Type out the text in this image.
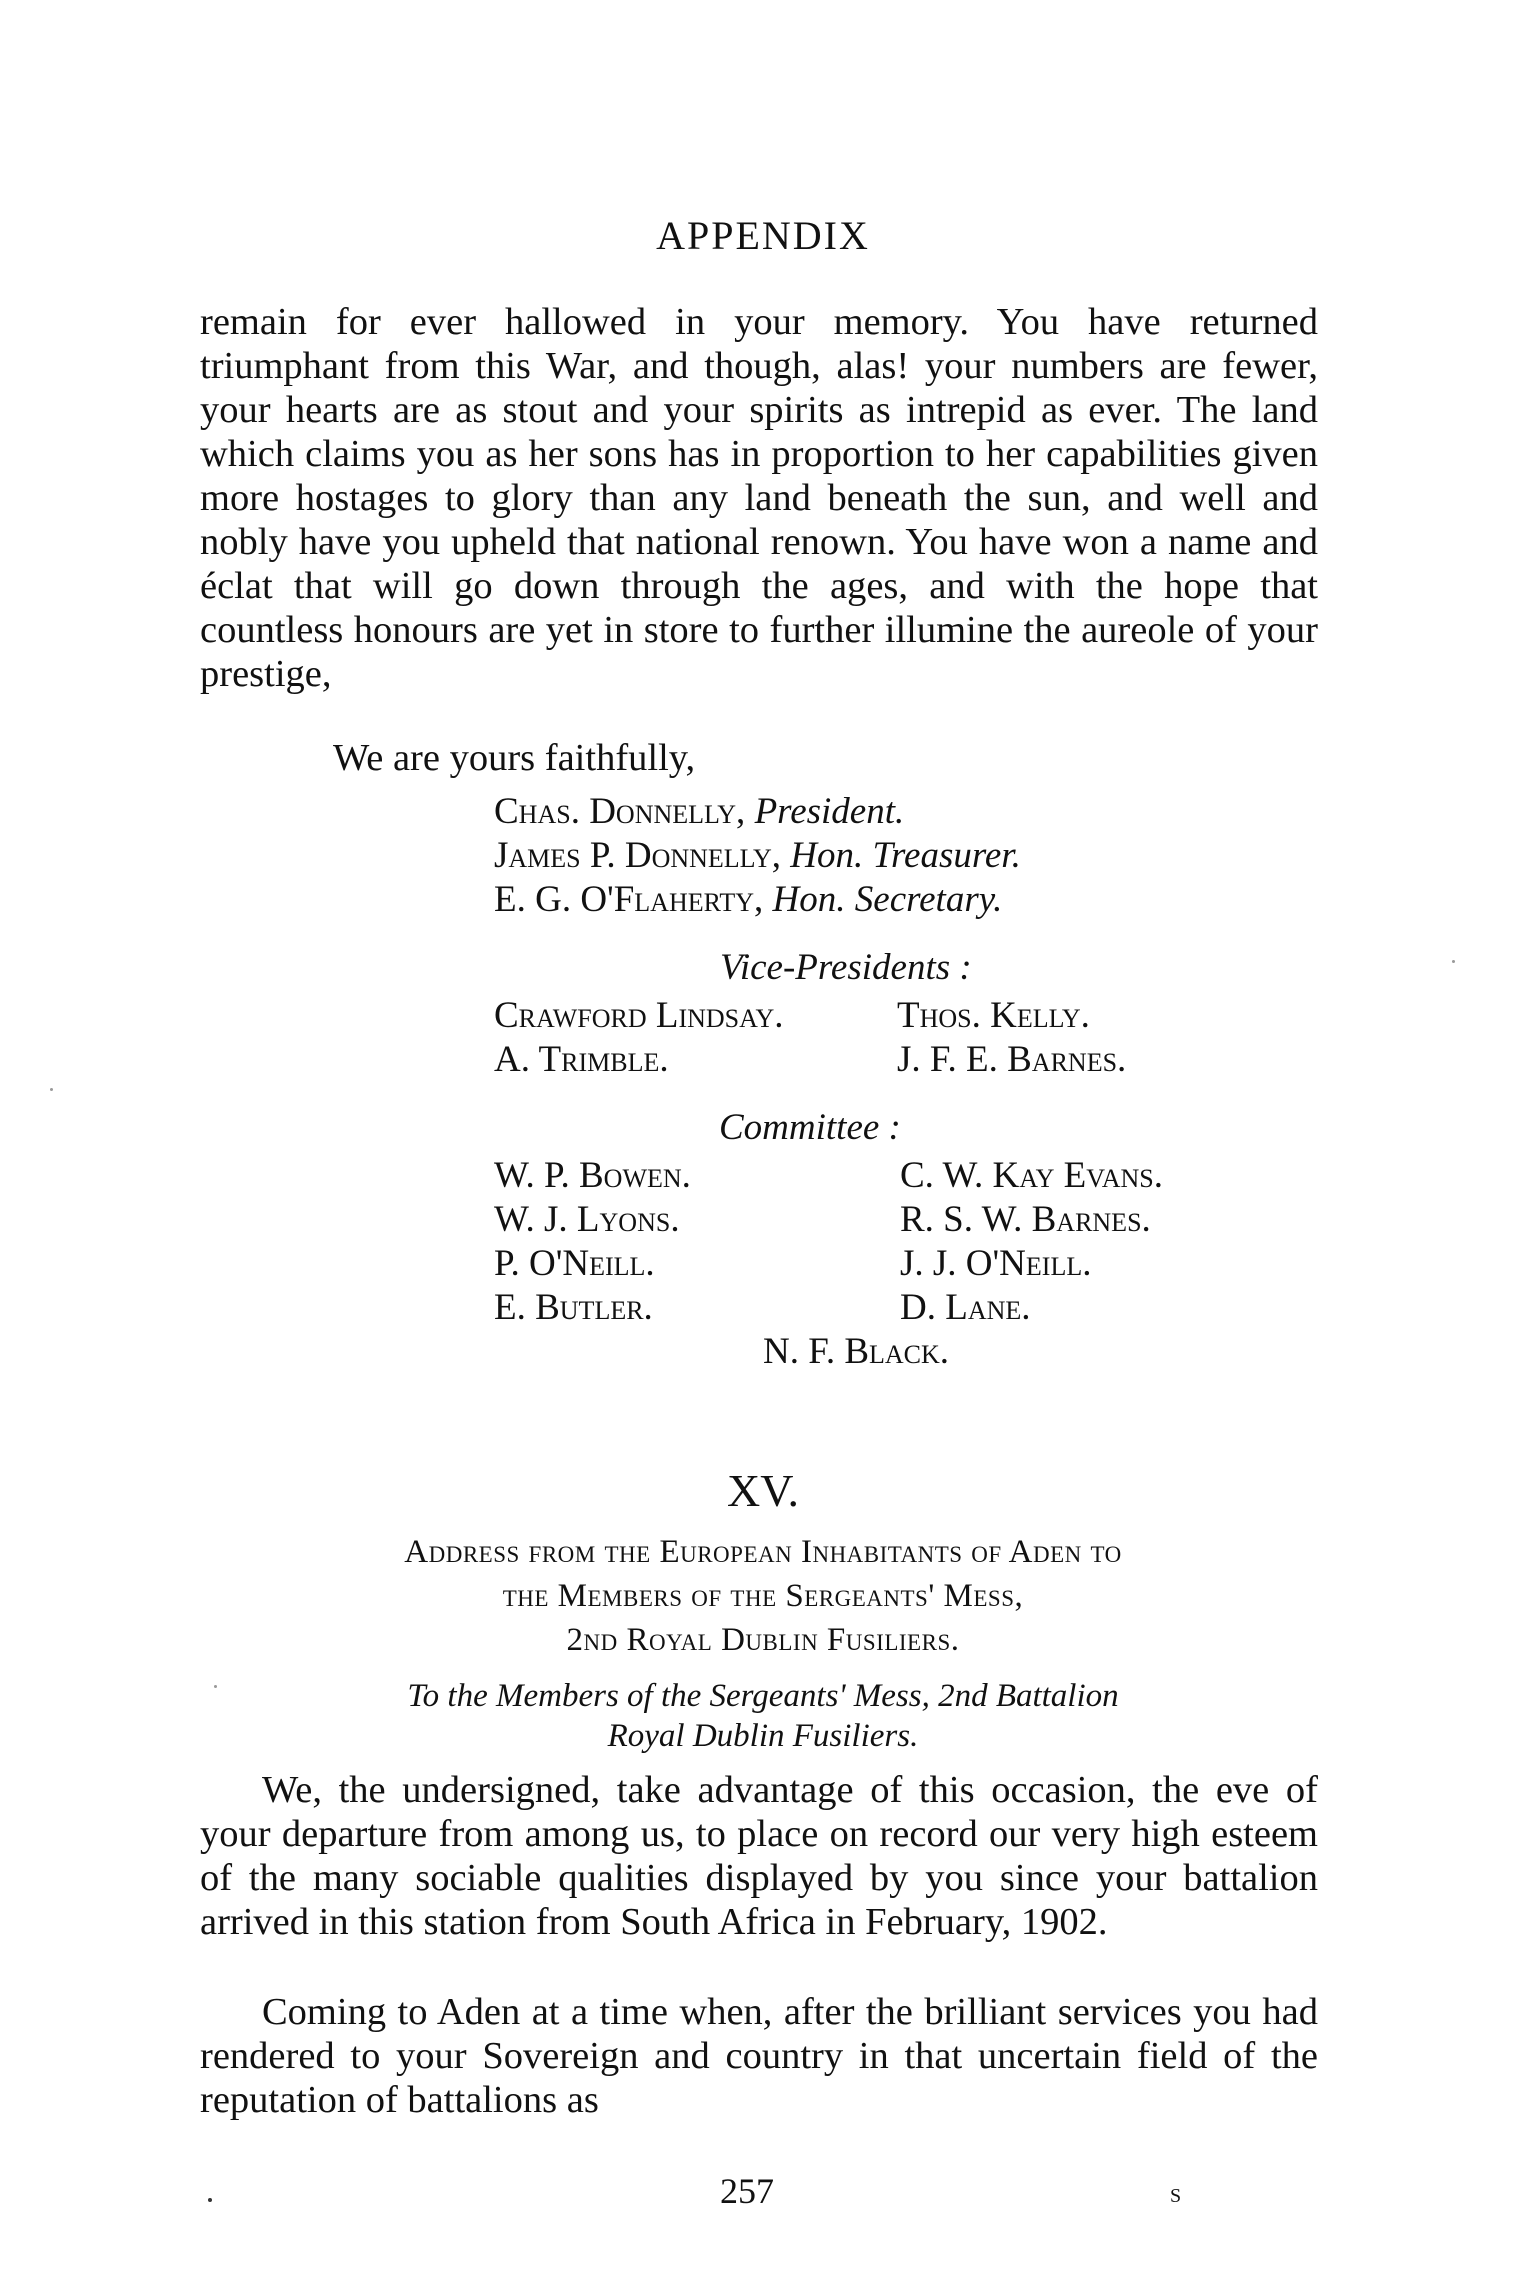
APPENDIX

remain for ever hallowed in your memory. You have returned triumphant from this War, and though, alas! your numbers are fewer, your hearts are as stout and your spirits as intrepid as ever. The land which claims you as her sons has in proportion to her capabilities given more hostages to glory than any land beneath the sun, and well and nobly have you upheld that national renown. You have won a name and éclat that will go down through the ages, and with the hope that countless honours are yet in store to further illumine the aureole of your prestige,

We are yours faithfully,
Chas. Donnelly, President.
James P. Donnelly, Hon. Treasurer.
E. G. O'Flaherty, Hon. Secretary.
Vice-Presidents :
Crawford Lindsay.
A. Trimble.
Thos. Kelly.
J. F. E. Barnes.
Committee :
W. P. Bowen.
W. J. Lyons.
P. O'Neill.
E. Butler.
C. W. Kay Evans.
R. S. W. Barnes.
J. J. O'Neill.
D. Lane.
N. F. Black.
XV.
Address from the European Inhabitants of Aden to
the Members of the Sergeants' Mess,
2nd Royal Dublin Fusiliers.
To the Members of the Sergeants' Mess, 2nd Battalion
Royal Dublin Fusiliers.

We, the undersigned, take advantage of this occasion, the eve of your departure from among us, to place on record our very high esteem of the many sociable qualities displayed by you since your battalion arrived in this station from South Africa in February, 1902.

Coming to Aden at a time when, after the brilliant services you had rendered to your Sovereign and country in that uncertain field of the reputation of battalions as

257	s
